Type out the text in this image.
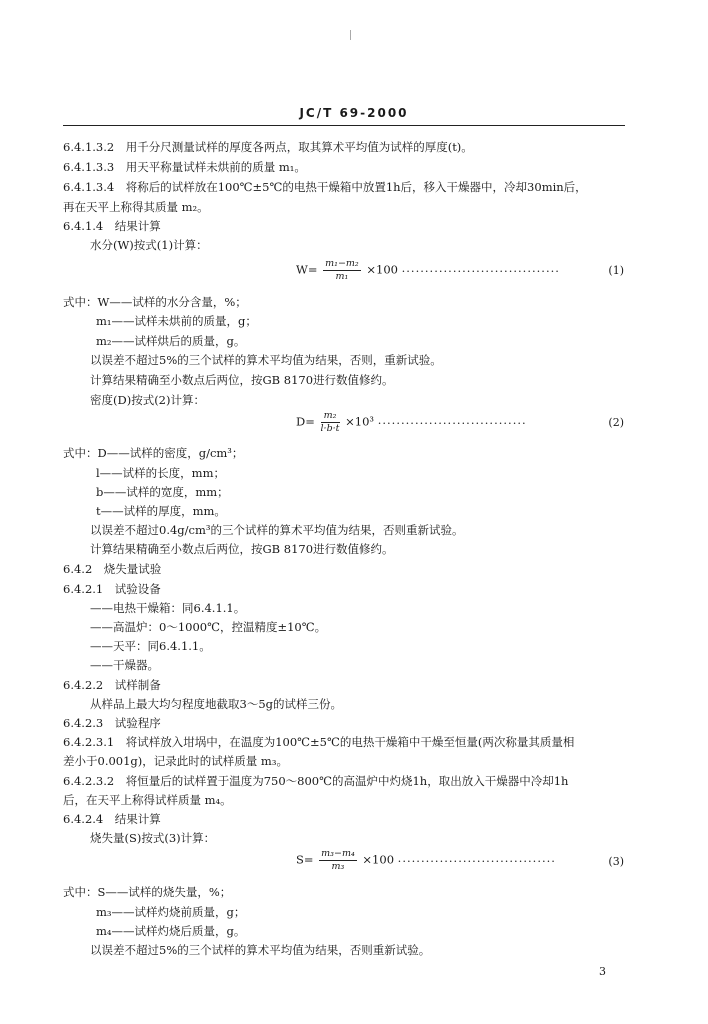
JC/T 69-2000
6.4.1.3.2　用千分尺测量试样的厚度各两点，取其算术平均值为试样的厚度(t)。
6.4.1.3.3　用天平称量试样未烘前的质量 m₁。
6.4.1.3.4　将称后的试样放在100℃±5℃的电热干燥箱中放置1h后，移入干燥器中，冷却30min后，
再在天平上称得其质量 m₂。
6.4.1.4　结果计算
水分(W)按式(1)计算：
$W= \frac{\text{m₁−m₂}}{\text{m₁}} \times 100$ ··································	(1)
式中：W——试样的水分含量，%；
m₁——试样未烘前的质量，g；
m₂——试样烘后的质量，g。
以误差不超过5%的三个试样的算术平均值为结果，否则，重新试验。
计算结果精确至小数点后两位，按GB 8170进行数值修约。
密度(D)按式(2)计算：
$D= \frac{\text{m₂}}{l\cdot b\cdot t} \times 10^3$ ································	(2)
式中：D——试样的密度，g/cm³；
l——试样的长度，mm；
b——试样的宽度，mm；
t——试样的厚度，mm。
以误差不超过0.4g/cm³的三个试样的算术平均值为结果，否则重新试验。
计算结果精确至小数点后两位，按GB 8170进行数值修约。
6.4.2　烧失量试验
6.4.2.1　试验设备
——电热干燥箱：同6.4.1.1。
——高温炉：0～1000℃，控温精度±10℃。
——天平：同6.4.1.1。
——干燥器。
6.4.2.2　试样制备
从样品上最大均匀程度地截取3～5g的试样三份。
6.4.2.3　试验程序
6.4.2.3.1　将试样放入坩埚中，在温度为100℃±5℃的电热干燥箱中干燥至恒量(两次称量其质量相
差小于0.001g)，记录此时的试样质量 m₃。
6.4.2.3.2　将恒量后的试样置于温度为750～800℃的高温炉中灼烧1h，取出放入干燥器中冷却1h
后，在天平上称得试样质量 m₄。
6.4.2.4　结果计算
烧失量(S)按式(3)计算：
$S= \frac{\text{m₃−m₄}}{\text{m₃}} \times 100$ ··································	(3)
式中：S——试样的烧失量，%；
m₃——试样灼烧前质量，g；
m₄——试样灼烧后质量，g。
以误差不超过5%的三个试样的算术平均值为结果，否则重新试验。
3
